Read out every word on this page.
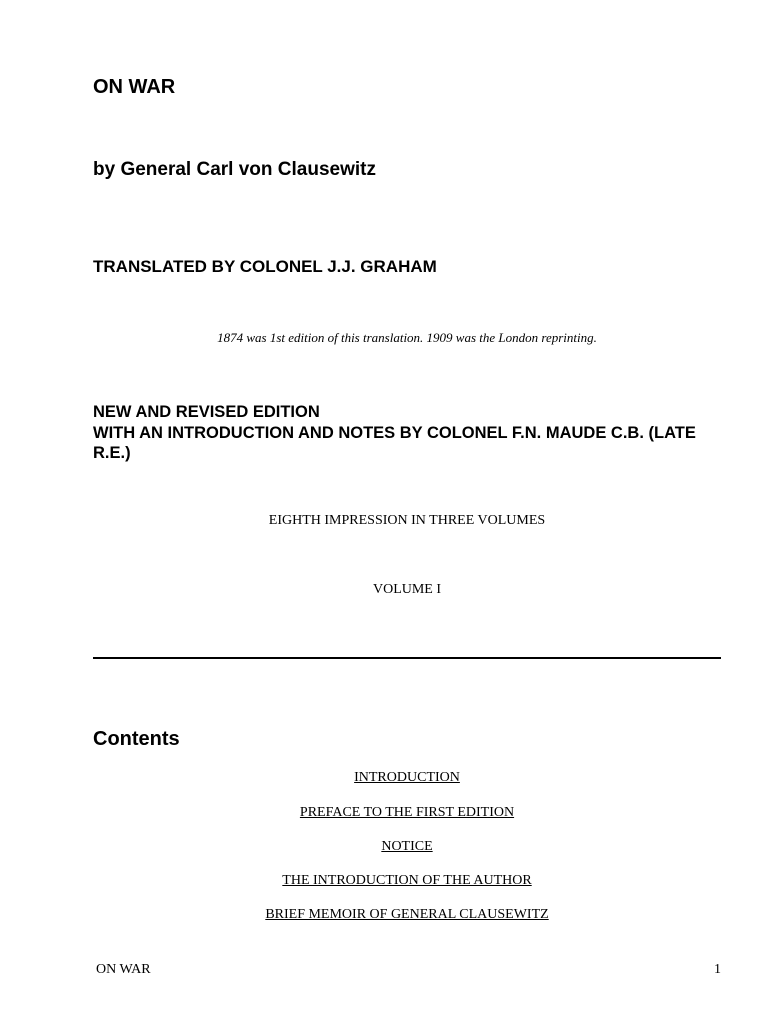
ON WAR
by General Carl von Clausewitz
TRANSLATED BY COLONEL J.J. GRAHAM

1874 was 1st edition of this translation. 1909 was the London reprinting.

NEW AND REVISED EDITION
WITH AN INTRODUCTION AND NOTES BY COLONEL F.N. MAUDE C.B. (LATE R.E.)

EIGHTH IMPRESSION IN THREE VOLUMES

VOLUME I

Contents
INTRODUCTION
PREFACE TO THE FIRST EDITION
NOTICE
THE INTRODUCTION OF THE AUTHOR
BRIEF MEMOIR OF GENERAL CLAUSEWITZ
ON WAR	1
